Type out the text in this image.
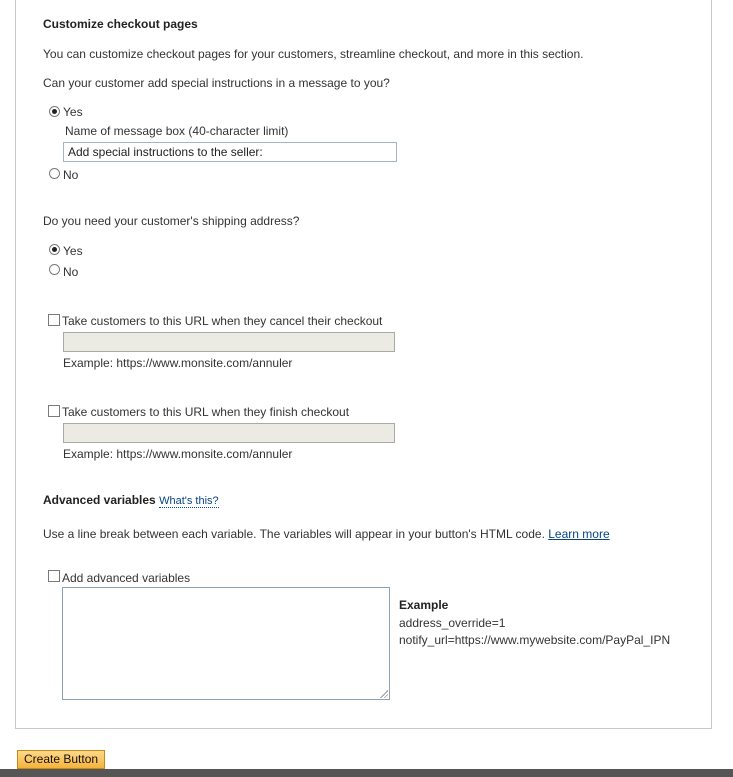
Customize checkout pages
You can customize checkout pages for your customers, streamline checkout, and more in this section.
Can your customer add special instructions in a message to you?
Yes
Name of message box (40-character limit)
Add special instructions to the seller:
No
Do you need your customer's shipping address?
Yes
No
Take customers to this URL when they cancel their checkout
Example: https://www.monsite.com/annuler
Take customers to this URL when they finish checkout
Example: https://www.monsite.com/annuler
Advanced variables What's this?
Use a line break between each variable. The variables will appear in your button's HTML code. Learn more
Add advanced variables
Example
address_override=1
notify_url=https://www.mywebsite.com/PayPal_IPN
Create Button
